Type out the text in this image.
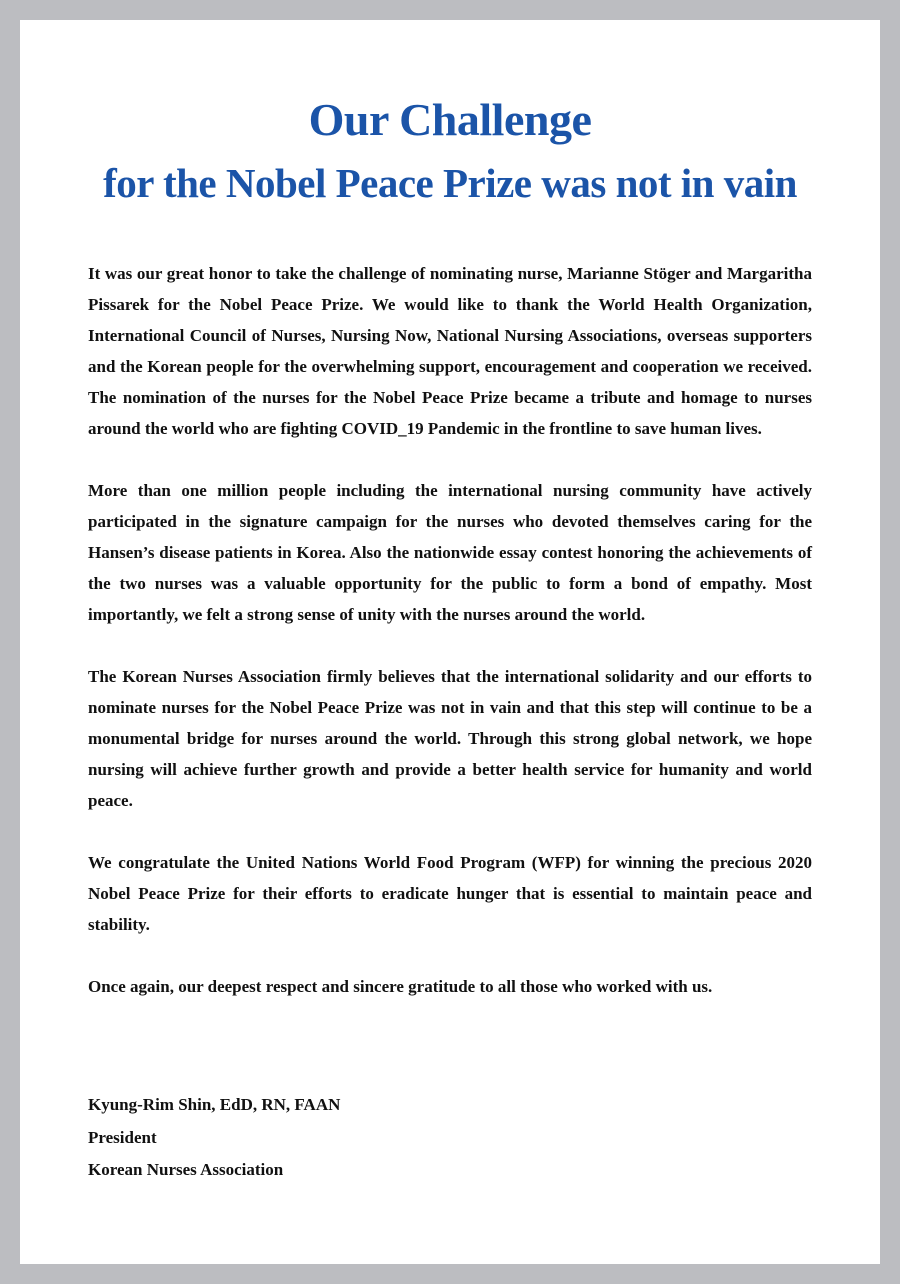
Our Challenge
for the Nobel Peace Prize was not in vain

It was our great honor to take the challenge of nominating nurse, Marianne Stöger and Margaritha Pissarek for the Nobel Peace Prize. We would like to thank the World Health Organization, International Council of Nurses, Nursing Now, National Nursing Associations, overseas supporters and the Korean people for the overwhelming support, encouragement and cooperation we received. The nomination of the nurses for the Nobel Peace Prize became a tribute and homage to nurses around the world who are fighting COVID_19 Pandemic in the frontline to save human lives.

More than one million people including the international nursing community have actively participated in the signature campaign for the nurses who devoted themselves caring for the Hansen’s disease patients in Korea. Also the nationwide essay contest honoring the achievements of the two nurses was a valuable opportunity for the public to form a bond of empathy. Most importantly, we felt a strong sense of unity with the nurses around the world.

The Korean Nurses Association firmly believes that the international solidarity and our efforts to nominate nurses for the Nobel Peace Prize was not in vain and that this step will continue to be a monumental bridge for nurses around the world. Through this strong global network, we hope nursing will achieve further growth and provide a better health service for humanity and world peace.

We congratulate the United Nations World Food Program (WFP) for winning the precious 2020 Nobel Peace Prize for their efforts to eradicate hunger that is essential to maintain peace and stability.

Once again, our deepest respect and sincere gratitude to all those who worked with us.

Kyung-Rim Shin, EdD, RN, FAAN
President
Korean Nurses Association
